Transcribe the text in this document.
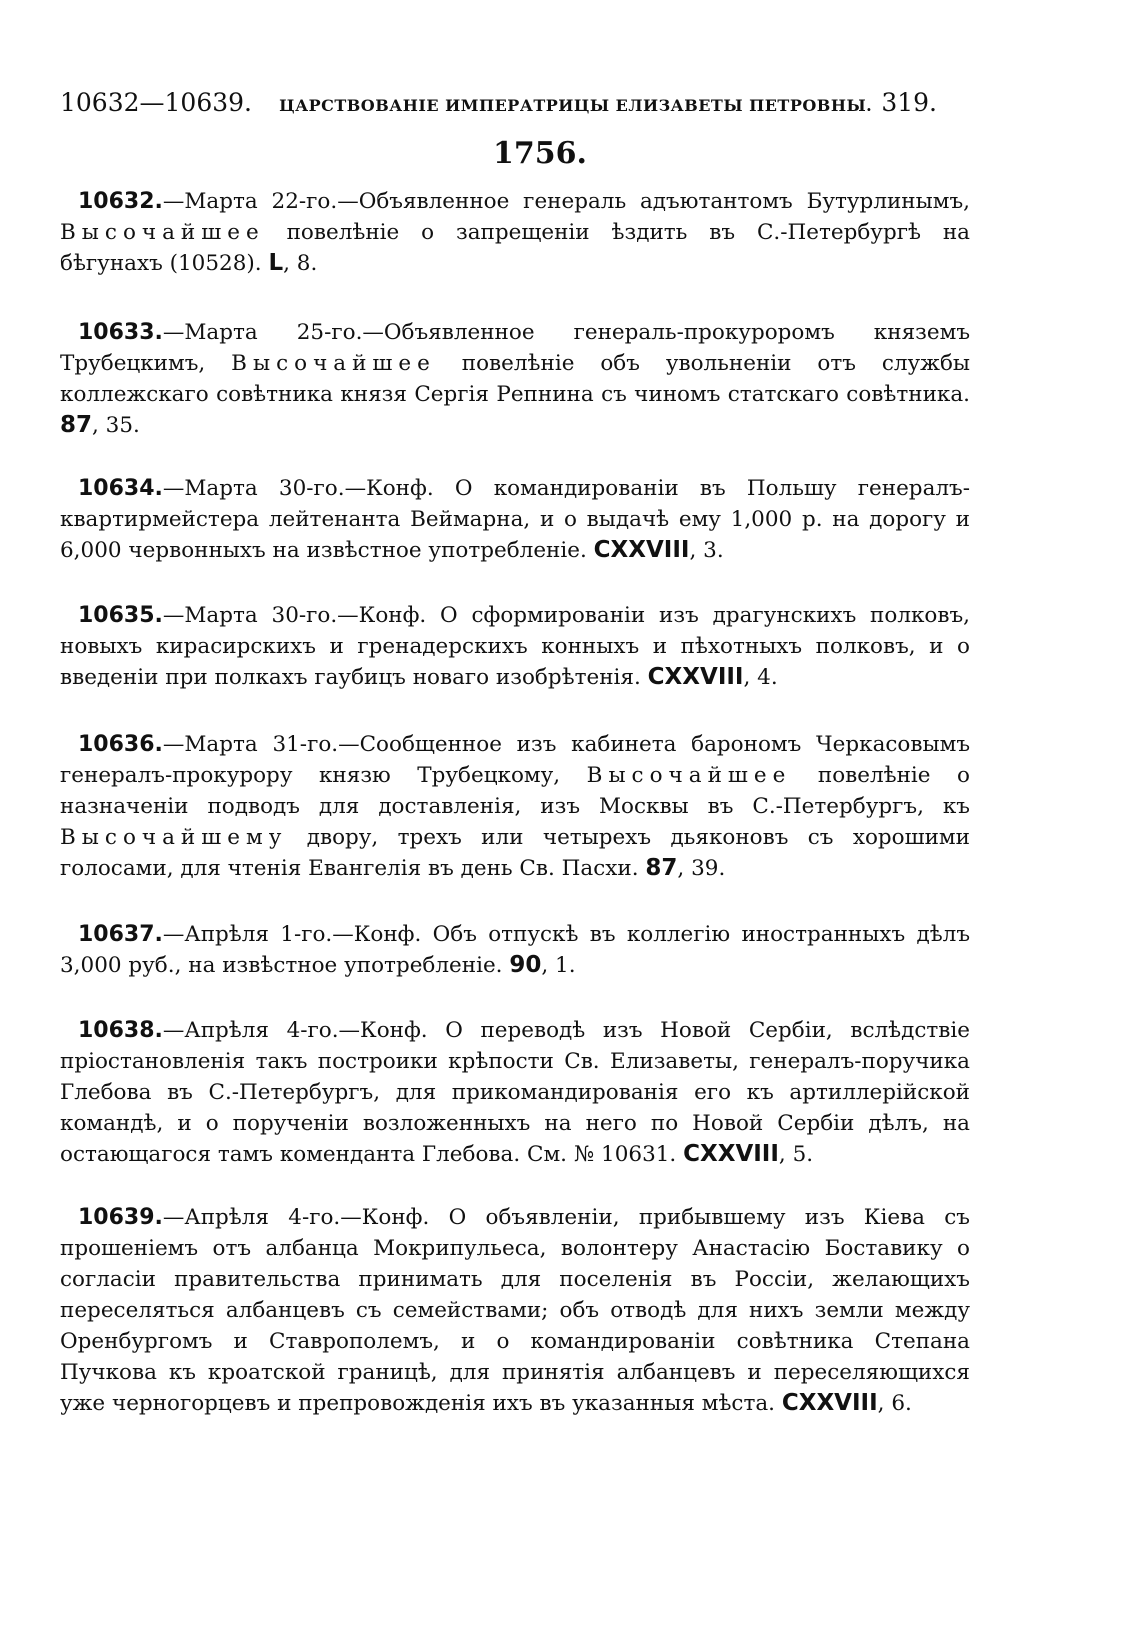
10632—10639.	ЦАРСТВОВАНІЕ ИМПЕРАТРИЦЫ ЕЛИЗАВЕТЫ ПЕТРОВНЫ. 319.
1756.

10632.—Марта 22-го.—Объявленное генераль адъютантомъ Бутурлинымъ, Высочайшее повелѣніе о запрещеніи ѣздить въ С.-Петербургѣ на бѣгунахъ (10528). L, 8.

10633.—Марта 25-го.—Объявленное генераль-прокуроромъ княземъ Трубецкимъ, Высочайшее повелѣніе объ увольненіи отъ службы коллежскаго совѣтника князя Сергія Репнина съ чиномъ статскаго совѣтника. 87, 35.

10634.—Марта 30-го.—Конф. О командированіи въ Польшу генералъ-квартирмейстера лейтенанта Веймарна, и о выдачѣ ему 1,000 р. на дорогу и 6,000 червонныхъ на извѣстное употребленіе. CXXVIII, 3.

10635.—Марта 30-го.—Конф. О сформированіи изъ драгунскихъ полковъ, новыхъ кирасирскихъ и гренадерскихъ конныхъ и пѣхотныхъ полковъ, и о введеніи при полкахъ гаубицъ новаго изобрѣтенія. CXXVIII, 4.

10636.—Марта 31-го.—Сообщенное изъ кабинета барономъ Черкасовымъ генералъ-прокурору князю Трубецкому, Высочайшее повелѣніе о назначеніи подводъ для доставленія, изъ Москвы въ С.-Петербургъ, къ Высочайшему двору, трехъ или четырехъ дьяконовъ съ хорошими голосами, для чтенія Евангелія въ день Св. Пасхи. 87, 39.

10637.—Апрѣля 1-го.—Конф. Объ отпускѣ въ коллегію иностранныхъ дѣлъ 3,000 руб., на извѣстное употребленіе. 90, 1.

10638.—Апрѣля 4-го.—Конф. О переводѣ изъ Новой Сербіи, вслѣдствіе пріостановленія такъ построики крѣпости Св. Елизаветы, генералъ-поручика Глебова въ С.-Петербургъ, для прикомандированія его къ артиллерійской командѣ, и о порученіи возложенныхъ на него по Новой Сербіи дѣлъ, на остающагося тамъ коменданта Глебова. См. № 10631. CXXVIII, 5.

10639.—Апрѣля 4-го.—Конф. О объявленіи, прибывшему изъ Кіева съ прошеніемъ отъ албанца Мокрипульеса, волонтеру Анастасію Боставику о согласіи правительства принимать для поселенія въ Россіи, желающихъ переселяться албанцевъ съ семействами; объ отводѣ для нихъ земли между Оренбургомъ и Ставрополемъ, и о командированіи совѣтника Степана Пучкова къ кроатской границѣ, для принятія албанцевъ и переселяющихся уже черногорцевъ и препровожденія ихъ въ указанныя мѣста. CXXVIII, 6.
